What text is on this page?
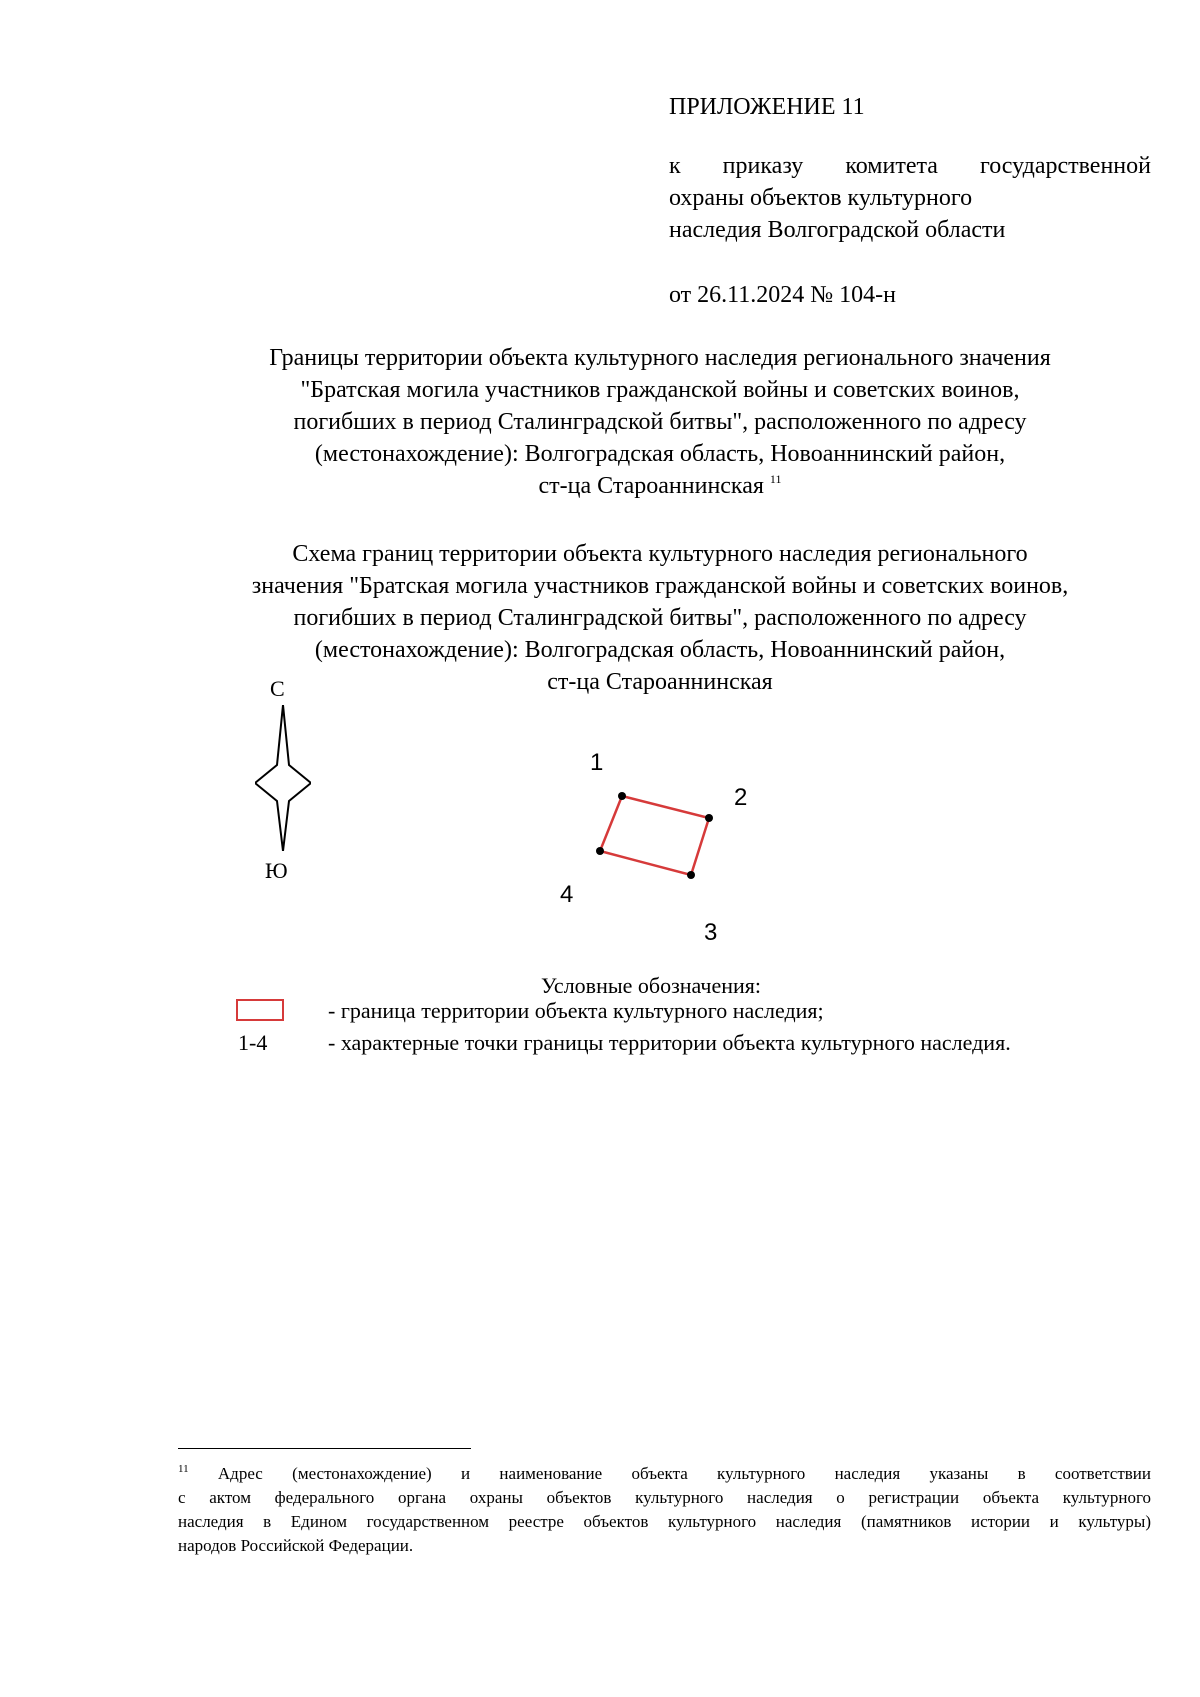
ПРИЛОЖЕНИЕ 11
к приказу комитета государственной
охраны объектов культурного
наследия Волгоградской области
от 26.11.2024 № 104-н
Границы территории объекта культурного наследия регионального значения
"Братская могила участников гражданской войны и советских воинов,
погибших в период Сталинградской битвы", расположенного по адресу
(местонахождение): Волгоградская область, Новоаннинский район,
ст-ца Староаннинская $^{11}$
Схема границ территории объекта культурного наследия регионального
значения "Братская могила участников гражданской войны и советских воинов,
погибших в период Сталинградской битвы", расположенного по адресу
(местонахождение): Волгоградская область, Новоаннинский район,
ст-ца Староаннинская
С
Ю
1
2
3
4
Условные обозначения:
- граница территории объекта культурного наследия;
1-4	- характерные точки границы территории объекта культурного наследия.
$^{11}$ Адрес (местонахождение) и наименование объекта культурного наследия указаны в соответствии
с актом федерального органа охраны объектов культурного наследия о регистрации объекта культурного
наследия в Едином государственном реестре объектов культурного наследия (памятников истории и культуры)
народов Российской Федерации.
